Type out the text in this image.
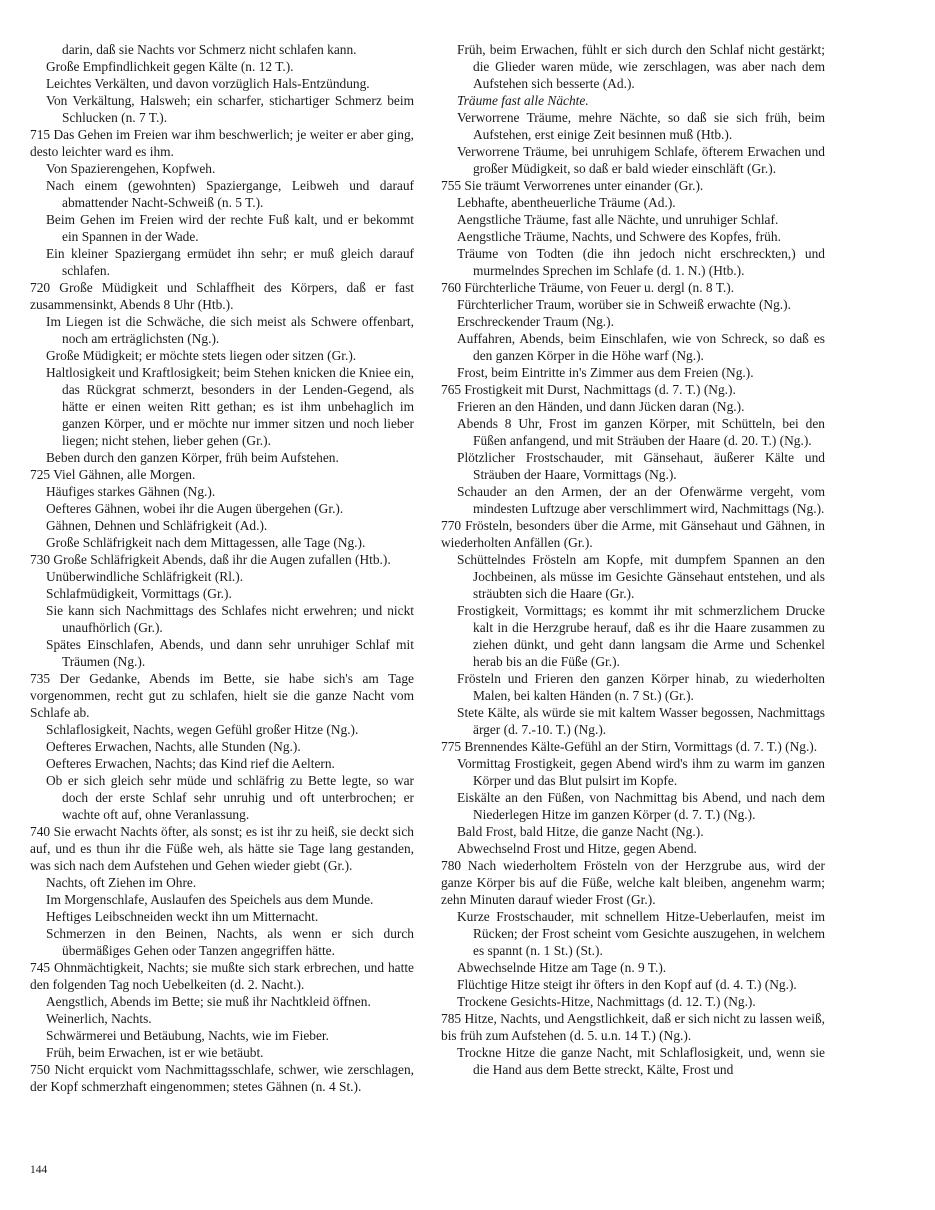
darin, daß sie Nachts vor Schmerz nicht schlafen kann.

Große Empfindlichkeit gegen Kälte (n. 12 T.).

Leichtes Verkälten, und davon vorzüglich Hals-Entzündung.

Von Verkältung, Halsweh; ein scharfer, stichartiger Schmerz beim Schlucken (n. 7 T.).

715 Das Gehen im Freien war ihm beschwerlich; je weiter er aber ging, desto leichter ward es ihm.

Von Spazierengehen, Kopfweh.

Nach einem (gewohnten) Spaziergange, Leibweh und darauf abmattender Nacht-Schweiß (n. 5 T.).

Beim Gehen im Freien wird der rechte Fuß kalt, und er bekommt ein Spannen in der Wade.

Ein kleiner Spaziergang ermüdet ihn sehr; er muß gleich darauf schlafen.

720 Große Müdigkeit und Schlaffheit des Körpers, daß er fast zusammensinkt, Abends 8 Uhr (Htb.).

Im Liegen ist die Schwäche, die sich meist als Schwere offenbart, noch am erträglichsten (Ng.).

Große Müdigkeit; er möchte stets liegen oder sitzen (Gr.).

Haltlosigkeit und Kraftlosigkeit; beim Stehen knicken die Kniee ein, das Rückgrat schmerzt, besonders in der Lenden-Gegend, als hätte er einen weiten Ritt gethan; es ist ihm unbehaglich im ganzen Körper, und er möchte nur immer sitzen und noch lieber liegen; nicht stehen, lieber gehen (Gr.).

Beben durch den ganzen Körper, früh beim Aufstehen.

725 Viel Gähnen, alle Morgen.

Häufiges starkes Gähnen (Ng.).

Oefteres Gähnen, wobei ihr die Augen übergehen (Gr.).

Gähnen, Dehnen und Schläfrigkeit (Ad.).

Große Schläfrigkeit nach dem Mittagessen, alle Tage (Ng.).

730 Große Schläfrigkeit Abends, daß ihr die Augen zufallen (Htb.).

Unüberwindliche Schläfrigkeit (Rl.).

Schlafmüdigkeit, Vormittags (Gr.).

Sie kann sich Nachmittags des Schlafes nicht erwehren; und nickt unaufhörlich (Gr.).

Spätes Einschlafen, Abends, und dann sehr unruhiger Schlaf mit Träumen (Ng.).

735 Der Gedanke, Abends im Bette, sie habe sich's am Tage vorgenommen, recht gut zu schlafen, hielt sie die ganze Nacht vom Schlafe ab.

Schlaflosigkeit, Nachts, wegen Gefühl großer Hitze (Ng.).

Oefteres Erwachen, Nachts, alle Stunden (Ng.).

Oefteres Erwachen, Nachts; das Kind rief die Aeltern.

Ob er sich gleich sehr müde und schläfrig zu Bette legte, so war doch der erste Schlaf sehr unruhig und oft unterbrochen; er wachte oft auf, ohne Veranlassung.

740 Sie erwacht Nachts öfter, als sonst; es ist ihr zu heiß, sie deckt sich auf, und es thun ihr die Füße weh, als hätte sie Tage lang gestanden, was sich nach dem Aufstehen und Gehen wieder giebt (Gr.).

Nachts, oft Ziehen im Ohre.

Im Morgenschlafe, Auslaufen des Speichels aus dem Munde.

Heftiges Leibschneiden weckt ihn um Mitternacht.

Schmerzen in den Beinen, Nachts, als wenn er sich durch übermäßiges Gehen oder Tanzen angegriffen hätte.

745 Ohnmächtigkeit, Nachts; sie mußte sich stark erbrechen, und hatte den folgenden Tag noch Uebelkeiten (d. 2. Nacht.).

Aengstlich, Abends im Bette; sie muß ihr Nachtkleid öffnen.

Weinerlich, Nachts.

Schwärmerei und Betäubung, Nachts, wie im Fieber.

Früh, beim Erwachen, ist er wie betäubt.

750 Nicht erquickt vom Nachmittagsschlafe, schwer, wie zerschlagen, der Kopf schmerzhaft eingenommen; stetes Gähnen (n. 4 St.).

Früh, beim Erwachen, fühlt er sich durch den Schlaf nicht gestärkt; die Glieder waren müde, wie zerschlagen, was aber nach dem Aufstehen sich besserte (Ad.).

Träume fast alle Nächte.

Verworrene Träume, mehre Nächte, so daß sie sich früh, beim Aufstehen, erst einige Zeit besinnen muß (Htb.).

Verworrene Träume, bei unruhigem Schlafe, öfterem Erwachen und großer Müdigkeit, so daß er bald wieder einschläft (Gr.).

755 Sie träumt Verworrenes unter einander (Gr.).

Lebhafte, abentheuerliche Träume (Ad.).

Aengstliche Träume, fast alle Nächte, und unruhiger Schlaf.

Aengstliche Träume, Nachts, und Schwere des Kopfes, früh.

Träume von Todten (die ihn jedoch nicht erschreckten,) und murmelndes Sprechen im Schlafe (d. 1. N.) (Htb.).

760 Fürchterliche Träume, von Feuer u. dergl (n. 8 T.).

Fürchterlicher Traum, worüber sie in Schweiß erwachte (Ng.).

Erschreckender Traum (Ng.).

Auffahren, Abends, beim Einschlafen, wie von Schreck, so daß es den ganzen Körper in die Höhe warf (Ng.).

Frost, beim Eintritte in's Zimmer aus dem Freien (Ng.).

765 Frostigkeit mit Durst, Nachmittags (d. 7. T.) (Ng.).

Frieren an den Händen, und dann Jücken daran (Ng.).

Abends 8 Uhr, Frost im ganzen Körper, mit Schütteln, bei den Füßen anfangend, und mit Sträuben der Haare (d. 20. T.) (Ng.).

Plötzlicher Frostschauder, mit Gänsehaut, äußerer Kälte und Sträuben der Haare, Vormittags (Ng.).

Schauder an den Armen, der an der Ofenwärme vergeht, vom mindesten Luftzuge aber verschlimmert wird, Nachmittags (Ng.).

770 Frösteln, besonders über die Arme, mit Gänsehaut und Gähnen, in wiederholten Anfällen (Gr.).

Schüttelndes Frösteln am Kopfe, mit dumpfem Spannen an den Jochbeinen, als müsse im Gesichte Gänsehaut entstehen, und als sträubten sich die Haare (Gr.).

Frostigkeit, Vormittags; es kommt ihr mit schmerzlichem Drucke kalt in die Herzgrube herauf, daß es ihr die Haare zusammen zu ziehen dünkt, und geht dann langsam die Arme und Schenkel herab bis an die Füße (Gr.).

Frösteln und Frieren den ganzen Körper hinab, zu wiederholten Malen, bei kalten Händen (n. 7 St.) (Gr.).

Stete Kälte, als würde sie mit kaltem Wasser begossen, Nachmittags ärger (d. 7.-10. T.) (Ng.).

775 Brennendes Kälte-Gefühl an der Stirn, Vormittags (d. 7. T.) (Ng.).

Vormittag Frostigkeit, gegen Abend wird's ihm zu warm im ganzen Körper und das Blut pulsirt im Kopfe.

Eiskälte an den Füßen, von Nachmittag bis Abend, und nach dem Niederlegen Hitze im ganzen Körper (d. 7. T.) (Ng.).

Bald Frost, bald Hitze, die ganze Nacht (Ng.).

Abwechselnd Frost und Hitze, gegen Abend.

780 Nach wiederholtem Frösteln von der Herzgrube aus, wird der ganze Körper bis auf die Füße, welche kalt bleiben, angenehm warm; zehn Minuten darauf wieder Frost (Gr.).

Kurze Frostschauder, mit schnellem Hitze-Ueberlaufen, meist im Rücken; der Frost scheint vom Gesichte auszugehen, in welchem es spannt (n. 1 St.) (St.).

Abwechselnde Hitze am Tage (n. 9 T.).

Flüchtige Hitze steigt ihr öfters in den Kopf auf (d. 4. T.) (Ng.).

Trockene Gesichts-Hitze, Nachmittags (d. 12. T.) (Ng.).

785 Hitze, Nachts, und Aengstlichkeit, daß er sich nicht zu lassen weiß, bis früh zum Aufstehen (d. 5. u.n. 14 T.) (Ng.).

Trockne Hitze die ganze Nacht, mit Schlaflosigkeit, und, wenn sie die Hand aus dem Bette streckt, Kälte, Frost und

144
